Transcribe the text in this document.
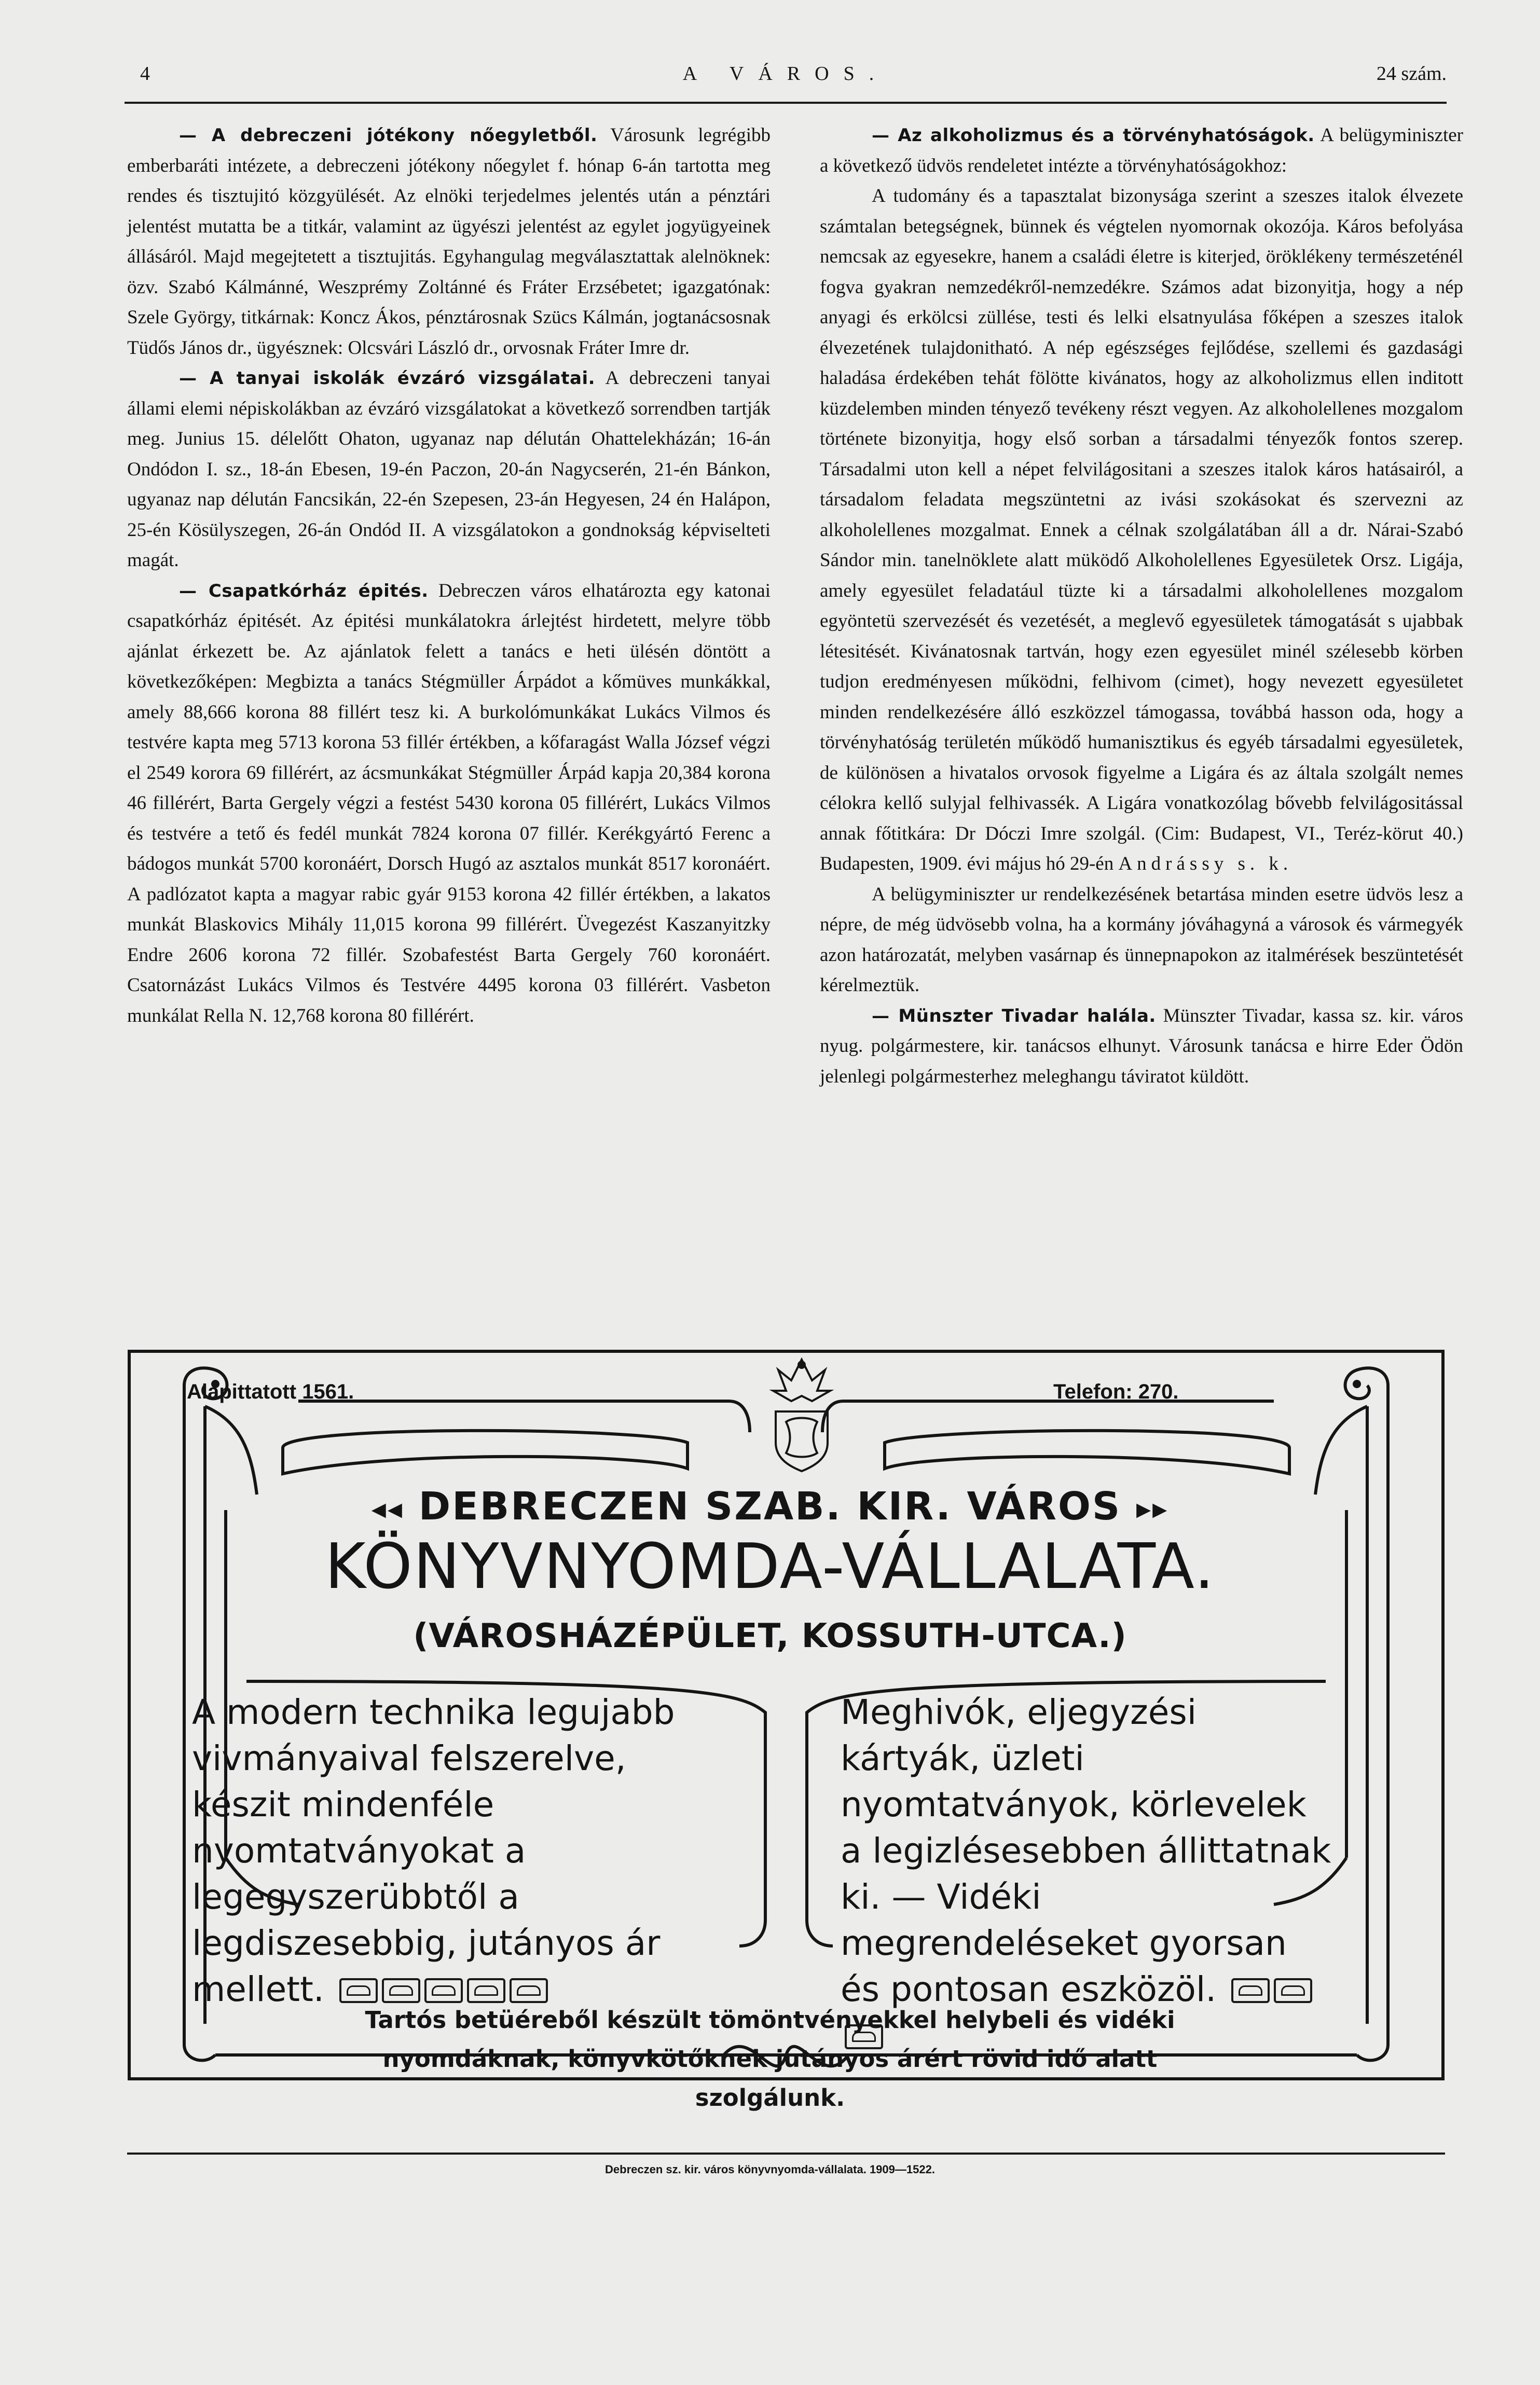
4	A VÁROS.	24 szám.

— A debreczeni jótékony nőegyletből. Városunk legrégibb emberbaráti intézete, a debreczeni jótékony nőegylet f. hónap 6-án tartotta meg rendes és tisztujitó közgyülését. Az elnöki terjedelmes jelentés után a pénztári jelentést mutatta be a titkár, valamint az ügyészi jelentést az egylet jogyügyeinek állásáról. Majd megejtetett a tisztujitás. Egyhangulag megválasztattak alelnöknek: özv. Szabó Kálmánné, Weszprémy Zoltánné és Fráter Erzsébetet; igazgatónak: Szele György, titkárnak: Koncz Ákos, pénztárosnak Szücs Kálmán, jogtanácsosnak Tüdős János dr., ügyésznek: Olcsvári László dr., orvosnak Fráter Imre dr.

— A tanyai iskolák évzáró vizsgálatai. A debreczeni tanyai állami elemi népiskolákban az évzáró vizsgálatokat a következő sorrendben tartják meg. Junius 15. délelőtt Ohaton, ugyanaz nap délután Ohattelekházán; 16-án Ondódon I. sz., 18-án Ebesen, 19-én Paczon, 20-án Nagycserén, 21-én Bánkon, ugyanaz nap délután Fancsikán, 22-én Szepesen, 23-án Hegyesen, 24 én Halápon, 25-én Kösülyszegen, 26-án Ondód II. A vizsgálatokon a gondnokság képviselteti magát.

— Csapatkórház épités. Debreczen város elhatározta egy katonai csapatkórház épitését. Az épitési munkálatokra árlejtést hirdetett, melyre több ajánlat érkezett be. Az ajánlatok felett a tanács e heti ülésén döntött a következőképen: Megbizta a tanács Stégmüller Árpádot a kőmüves munkákkal, amely 88,666 korona 88 fillért tesz ki. A burkolómunkákat Lukács Vilmos és testvére kapta meg 5713 korona 53 fillér értékben, a kőfaragást Walla József végzi el 2549 korora 69 fillérért, az ácsmunkákat Stégmüller Árpád kapja 20,384 korona 46 fillérért, Barta Gergely végzi a festést 5430 korona 05 fillérért, Lukács Vilmos és testvére a tető és fedél munkát 7824 korona 07 fillér. Kerékgyártó Ferenc a bádogos munkát 5700 koronáért, Dorsch Hugó az asztalos munkát 8517 koronáért. A padlózatot kapta a magyar rabic gyár 9153 korona 42 fillér értékben, a lakatos munkát Blaskovics Mihály 11,015 korona 99 fillérért. Üvegezést Kaszanyitzky Endre 2606 korona 72 fillér. Szobafestést Barta Gergely 760 koronáért. Csatornázást Lukács Vilmos és Testvére 4495 korona 03 fillérért. Vasbeton munkálat Rella N. 12,768 korona 80 fillérért.

— Az alkoholizmus és a törvényhatóságok. A belügyminiszter a következő üdvös rendeletet intézte a törvényhatóságokhoz:

A tudomány és a tapasztalat bizonysága szerint a szeszes italok élvezete számtalan betegségnek, bünnek és végtelen nyomornak okozója. Káros befolyása nemcsak az egyesekre, hanem a családi életre is kiterjed, öröklékeny természeténél fogva gyakran nemzedékről-nemzedékre. Számos adat bizonyitja, hogy a nép anyagi és erkölcsi züllése, testi és lelki elsatnyulása főképen a szeszes italok élvezetének tulajdonitható. A nép egészséges fejlődése, szellemi és gazdasági haladása érdekében tehát fölötte kivánatos, hogy az alkoholizmus ellen inditott küzdelemben minden tényező tevékeny részt vegyen. Az alkoholellenes mozgalom története bizonyitja, hogy első sorban a társadalmi tényezők fontos szerep. Társadalmi uton kell a népet felvilágositani a szeszes italok káros hatásairól, a társadalom feladata megszüntetni az ivási szokásokat és szervezni az alkoholellenes mozgalmat. Ennek a célnak szolgálatában áll a dr. Nárai-Szabó Sándor min. tanelnöklete alatt müködő Alkoholellenes Egyesületek Orsz. Ligája, amely egyesület feladatául tüzte ki a társadalmi alkoholellenes mozgalom egyöntetü szervezését és vezetését, a meglevő egyesületek támogatását s ujabbak létesitését. Kivánatosnak tartván, hogy ezen egyesület minél szélesebb körben tudjon eredményesen működni, felhivom (cimet), hogy nevezett egyesületet minden rendelkezésére álló eszközzel támogassa, továbbá hasson oda, hogy a törvényhatóság területén működő humanisztikus és egyéb társadalmi egyesületek, de különösen a hivatalos orvosok figyelme a Ligára és az általa szolgált nemes célokra kellő sulyjal felhivassék. A Ligára vonatkozólag bővebb felvilágositással annak főtitkára: Dr Dóczi Imre szolgál. (Cim: Budapest, VI., Teréz-körut 40.) Budapesten, 1909. évi május hó 29-én Andrássy s. k.

A belügyminiszter ur rendelkezésének betartása minden esetre üdvös lesz a népre, de még üdvösebb volna, ha a kormány jóváhagyná a városok és vármegyék azon határozatát, melyben vasárnap és ünnepnapokon az italmérések beszüntetését kérelmeztük.

— Münszter Tivadar halála. Münszter Tivadar, kassa sz. kir. város nyug. polgármestere, kir. tanácsos elhunyt. Városunk tanácsa e hirre Eder Ödön jelenlegi polgármesterhez meleghangu táviratot küldött.

Alapittatott 1561.	Telefon: 270.
◂◂ DEBRECZEN SZAB. KIR. VÁROS ▸▸
KÖNYVNYOMDA-VÁLLALATA.
(VÁROSHÁZÉPÜLET, KOSSUTH-UTCA.)
A modern technika legujabb vivmányaival felszerelve, készit mindenféle nyomtatványokat a legegyszerübbtől a legdiszesebbig, jutányos ár mellett.
Meghivók, eljegyzési kártyák, üzleti nyomtatványok, körlevelek a legizlésesebben állittatnak ki. — Vidéki megrendeléseket gyorsan és pontosan eszközöl.
Tartós betüéreből készült tömöntvényekkel helybeli és vidéki nyomdáknak, könyvkötőknek jutányos árért rövid idő alatt szolgálunk.
Debreczen sz. kir. város könyvnyomda-vállalata. 1909—1522.
